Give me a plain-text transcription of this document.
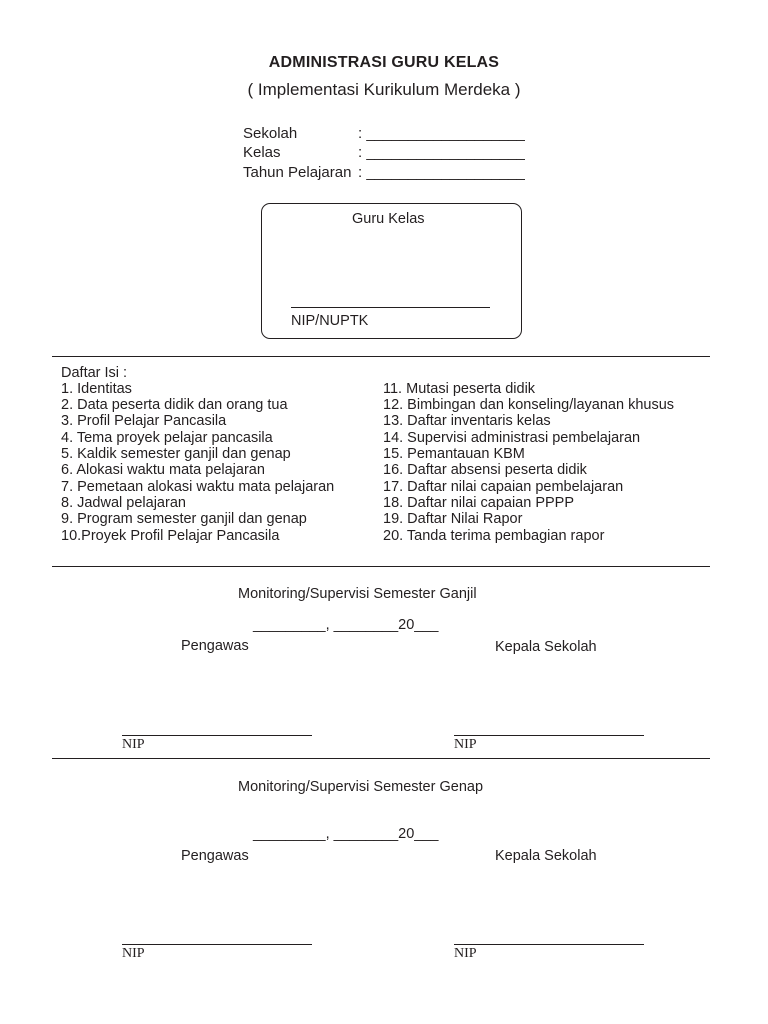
ADMINISTRASI GURU KELAS
( Implementasi Kurikulum Merdeka )
Sekolah	: ___________________
Kelas	: ___________________
Tahun Pelajaran : ___________________
Guru Kelas
NIP/NUPTK
Daftar Isi :
1. Identitas
2. Data peserta didik dan orang tua
3. Profil Pelajar Pancasila
4. Tema proyek pelajar pancasila
5. Kaldik semester ganjil dan genap
6. Alokasi waktu mata pelajaran
7. Pemetaan alokasi waktu mata pelajaran
8. Jadwal pelajaran
9. Program semester ganjil dan genap
10.Proyek Profil Pelajar Pancasila
11. Mutasi peserta didik
12. Bimbingan dan konseling/layanan khusus
13. Daftar inventaris kelas
14. Supervisi administrasi pembelajaran
15. Pemantauan KBM
16. Daftar absensi peserta didik
17. Daftar nilai capaian pembelajaran
18. Daftar nilai capaian PPPP
19. Daftar Nilai Rapor
20. Tanda terima pembagian rapor
Monitoring/Supervisi Semester Ganjil
_________, ________20___
Pengawas	Kepala Sekolah
NIP	NIP
Monitoring/Supervisi Semester Genap
_________, ________20___
Pengawas	Kepala Sekolah
NIP	NIP
